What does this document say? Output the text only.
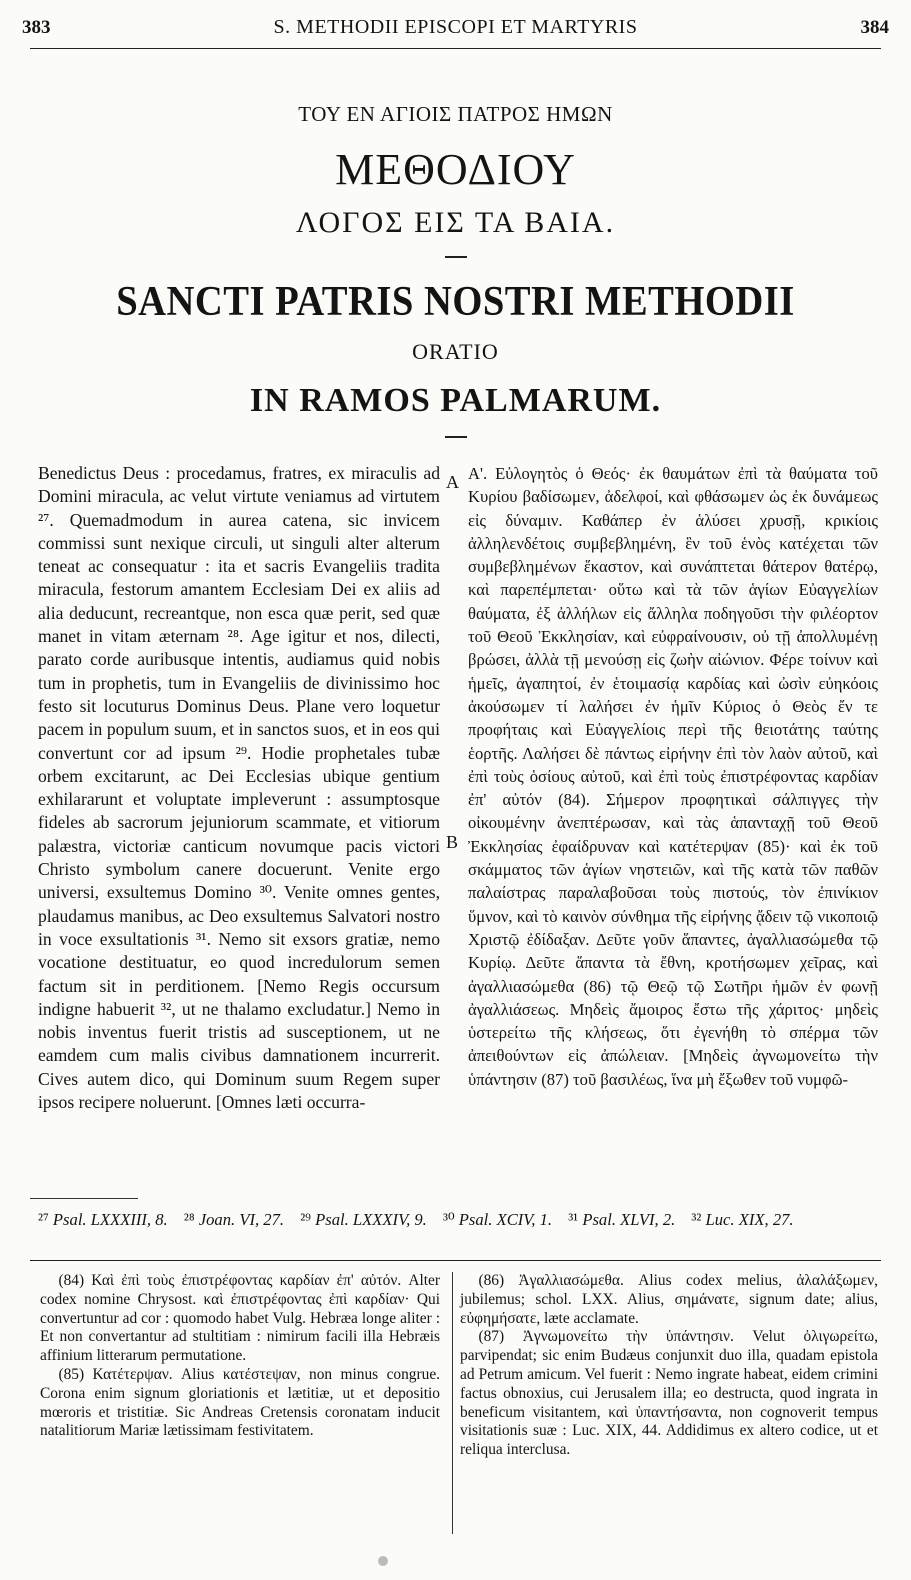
383	S. METHODII EPISCOPI ET MARTYRIS	384
ΤΟΥ ΕΝ ΑΓΙΟΙΣ ΠΑΤΡΟΣ ΗΜΩΝ
ΜΕΘΟΔΙΟΥ
ΛΟΓΟΣ ΕΙΣ ΤΑ ΒΑΙΑ.
SANCTI PATRIS NOSTRI METHODII
ORATIO
IN RAMOS PALMARUM.

Benedictus Deus : procedamus, fratres, ex miraculis ad Domini miracula, ac velut virtute veniamus ad virtutem ²⁷. Quemadmodum in aurea catena, sic invicem commissi sunt nexique circuli, ut singuli alter alterum teneat ac consequatur : ita et sacris Evangeliis tradita miracula, festorum amantem Ecclesiam Dei ex aliis ad alia deducunt, recreantque, non esca quæ perit, sed quæ manet in vitam æternam ²⁸. Age igitur et nos, dilecti, parato corde auribusque intentis, audiamus quid nobis tum in prophetis, tum in Evangeliis de divinissimo hoc festo sit locuturus Dominus Deus. Plane vero loquetur pacem in populum suum, et in sanctos suos, et in eos qui convertunt cor ad ipsum ²⁹. Hodie prophetales tubæ orbem excitarunt, ac Dei Ecclesias ubique gentium exhilararunt et voluptate impleverunt : assumptosque fideles ab sacrorum jejuniorum scammate, et vitiorum palæstra, victoriæ canticum novumque pacis victori Christo symbolum canere docuerunt. Venite ergo universi, exsultemus Domino ³⁰. Venite omnes gentes, plaudamus manibus, ac Deo exsultemus Salvatori nostro in voce exsultationis ³¹. Nemo sit exsors gratiæ, nemo vocatione destituatur, eo quod incredulorum semen factum sit in perditionem. [Nemo Regis occursum indigne habuerit ³², ut ne thalamo excludatur.] Nemo in nobis inventus fuerit tristis ad susceptionem, ut ne eamdem cum malis civibus damnationem incurrerit. Cives autem dico, qui Dominum suum Regem super ipsos recipere noluerunt. [Omnes læti occurra-

A
B

Α'. Εὐλογητὸς ὁ Θεός· ἐκ θαυμάτων ἐπὶ τὰ θαύματα τοῦ Κυρίου βαδίσωμεν, ἀδελφοί, καὶ φθάσωμεν ὡς ἐκ δυνάμεως εἰς δύναμιν. Καθάπερ ἐν ἁλύσει χρυσῇ, κρικίοις ἀλληλενδέτοις συμβεβλημένη, ἓν τοῦ ἑνὸς κατέχεται τῶν συμβεβλημένων ἕκαστον, καὶ συνάπτεται θάτερον θατέρῳ, καὶ παρεπέμπεται· οὕτω καὶ τὰ τῶν ἁγίων Εὐαγγελίων θαύματα, ἐξ ἀλλήλων εἰς ἄλληλα ποδηγοῦσι τὴν φιλέορτον τοῦ Θεοῦ Ἐκκλησίαν, καὶ εὐφραίνουσιν, οὐ τῇ ἀπολλυμένῃ βρώσει, ἀλλὰ τῇ μενούσῃ εἰς ζωὴν αἰώνιον. Φέρε τοίνυν καὶ ἡμεῖς, ἀγαπητοί, ἐν ἑτοιμασίᾳ καρδίας καὶ ὠσὶν εὐηκόοις ἀκούσωμεν τί λαλήσει ἐν ἡμῖν Κύριος ὁ Θεὸς ἔν τε προφήταις καὶ Εὐαγγελίοις περὶ τῆς θειοτάτης ταύτης ἑορτῆς. Λαλήσει δὲ πάντως εἰρήνην ἐπὶ τὸν λαὸν αὐτοῦ, καὶ ἐπὶ τοὺς ὁσίους αὐτοῦ, καὶ ἐπὶ τοὺς ἐπιστρέφοντας καρδίαν ἐπ' αὐτόν (84). Σήμερον προφητικαὶ σάλπιγγες τὴν οἰκουμένην ἀνεπτέρωσαν, καὶ τὰς ἁπανταχῇ τοῦ Θεοῦ Ἐκκλησίας ἐφαίδρυναν καὶ κατέτερψαν (85)· καὶ ἐκ τοῦ σκάμματος τῶν ἁγίων νηστειῶν, καὶ τῆς κατὰ τῶν παθῶν παλαίστρας παραλαβοῦσαι τοὺς πιστούς, τὸν ἐπινίκιον ὕμνον, καὶ τὸ καινὸν σύνθημα τῆς εἰρήνης ᾄδειν τῷ νικοποιῷ Χριστῷ ἐδίδαξαν. Δεῦτε γοῦν ἅπαντες, ἀγαλλιασώμεθα τῷ Κυρίῳ. Δεῦτε ἅπαντα τὰ ἔθνη, κροτήσωμεν χεῖρας, καὶ ἀγαλλιασώμεθα (86) τῷ Θεῷ τῷ Σωτῆρι ἡμῶν ἐν φωνῇ ἀγαλλιάσεως. Μηδεὶς ἄμοιρος ἔστω τῆς χάριτος· μηδεὶς ὑστερείτω τῆς κλήσεως, ὅτι ἐγενήθη τὸ σπέρμα τῶν ἀπειθούντων εἰς ἀπώλειαν. [Μηδεὶς ἀγνωμονείτω τὴν ὑπάντησιν (87) τοῦ βασιλέως, ἵνα μὴ ἔξωθεν τοῦ νυμφῶ-

²⁷ Psal. LXXXIII, 8. ²⁸ Joan. VI, 27. ²⁹ Psal. LXXXIV, 9. ³⁰ Psal. XCIV, 1. ³¹ Psal. XLVI, 2. ³² Luc. XIX, 27.

(84) Καὶ ἐπὶ τοὺς ἐπιστρέφοντας καρδίαν ἐπ' αὐτόν. Alter codex nomine Chrysost. καὶ ἐπιστρέφοντας ἐπὶ καρδίαν· Qui convertuntur ad cor : quomodo habet Vulg. Hebræa longe aliter : Et non convertantur ad stultitiam : nimirum facili illa Hebræis affinium litterarum permutatione.

(85) Κατέτερψαν. Alius κατέστεψαν, non minus congrue. Corona enim signum gloriationis et lætitiæ, ut et depositio mœroris et tristitiæ. Sic Andreas Cretensis coronatam inducit natalitiorum Mariæ lætissimam festivitatem.

(86) Ἀγαλλιασώμεθα. Alius codex melius, ἀλαλάξωμεν, jubilemus; schol. LXX. Alius, σημάνατε, signum date; alius, εὐφημήσατε, læte acclamate.

(87) Ἀγνωμονείτω τὴν ὑπάντησιν. Velut ὀλιγωρείτω, parvipendat; sic enim Budæus conjunxit duo illa, quadam epistola ad Petrum amicum. Vel fuerit : Nemo ingrate habeat, eidem crimini factus obnoxius, cui Jerusalem illa; eo destructa, quod ingrata in beneficum visitantem, καὶ ὑπαντήσαντα, non cognoverit tempus visitationis suæ : Luc. XIX, 44. Addidimus ex altero codice, ut et reliqua interclusa.
